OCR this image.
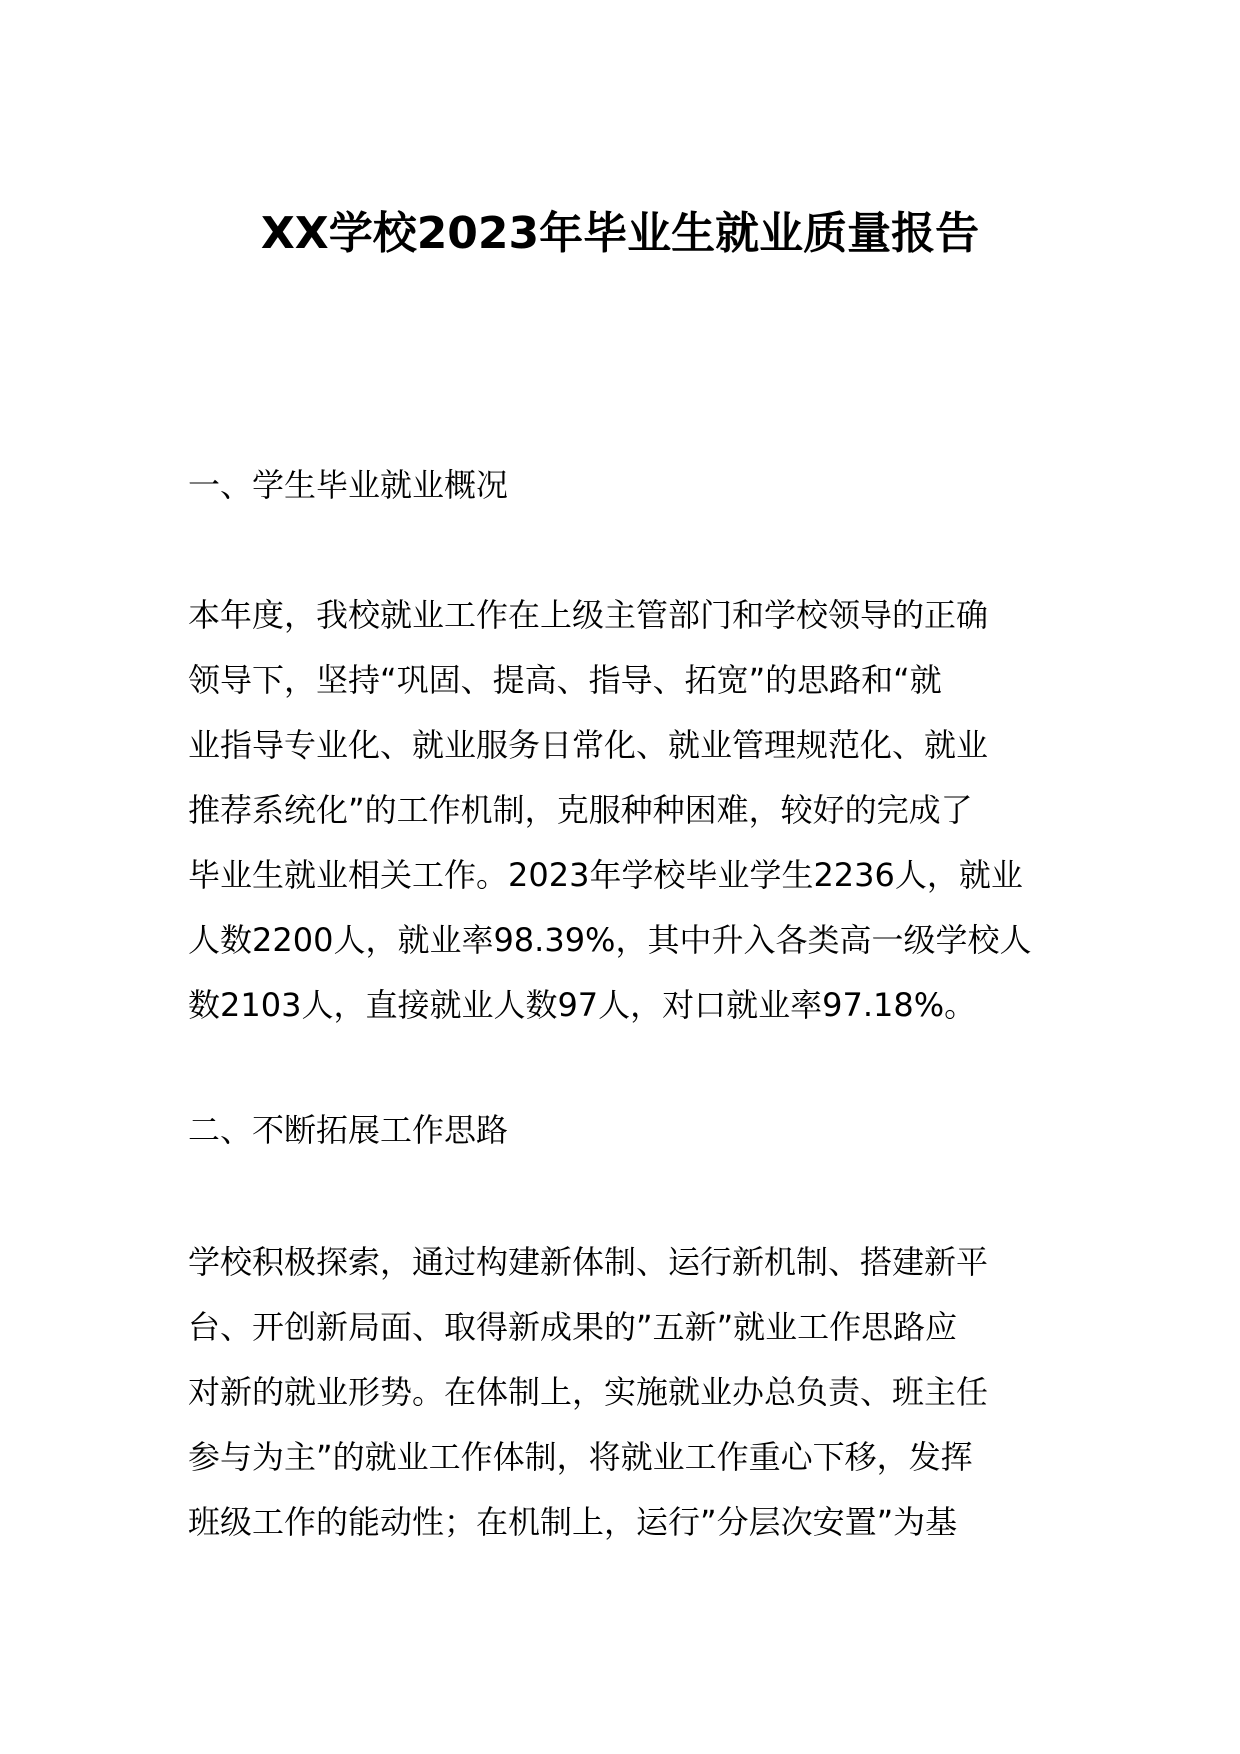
XX学校2023年毕业生就业质量报告
一、学生毕业就业概况
本年度，我校就业工作在上级主管部门和学校领导的正确
领导下，坚持“巩固、提高、指导、拓宽”的思路和“就
业指导专业化、就业服务日常化、就业管理规范化、就业
推荐系统化”的工作机制，克服种种困难，较好的完成了
毕业生就业相关工作。2023年学校毕业学生2236人，就业
人数2200人，就业率98.39%，其中升入各类高一级学校人
数2103人，直接就业人数97人，对口就业率97.18%。
二、不断拓展工作思路
学校积极探索，通过构建新体制、运行新机制、搭建新平
台、开创新局面、取得新成果的”五新”就业工作思路应
对新的就业形势。在体制上，实施就业办总负责、班主任
参与为主”的就业工作体制，将就业工作重心下移，发挥
班级工作的能动性；在机制上，运行”分层次安置”为基
